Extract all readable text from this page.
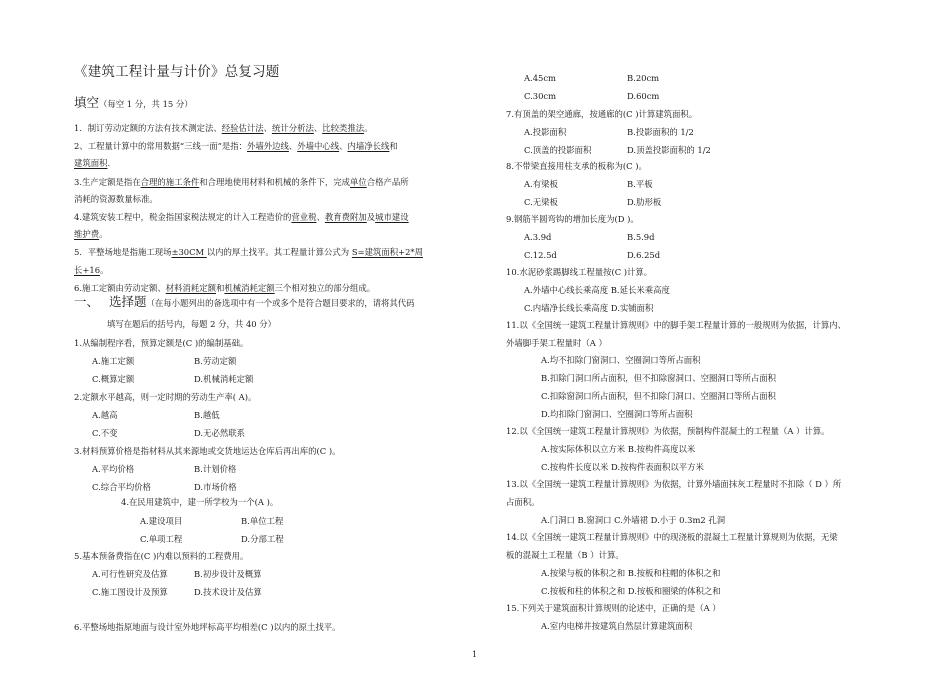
《建筑工程计量与计价》总复习题
填空（每空 1 分，共 15 分）
1．制订劳动定额的方法有技术测定法、经验估计法、统计分析法、比较类推法。
2、工程量计算中的常用数据“三线一面”是指：外墙外边线、外墙中心线、内墙净长线和
建筑面积.
3.生产定额是指在合理的施工条件和合理地使用材料和机械的条件下，完成单位合格产品所
消耗的资源数量标准。
4.建筑安装工程中，税金指国家税法规定的计入工程造价的营业税、教育费附加及城市建设
维护费。
5．平整场地是指施工现场±30CM 以内的厚土找平。其工程量计算公式为 S=建筑面积+2*周
长+16。
6.施工定额由劳动定额、材料消耗定额和机械消耗定额三个相对独立的部分组成。
一、 选择题（在每小题列出的备选项中有一个或多个是符合题目要求的，请将其代码
填写在题后的括号内，每题 2 分，共 40 分）
1.从编制程序看，预算定额是(C )的编制基础。
A.施工定额	B.劳动定额
C.概算定额	D.机械消耗定额
2.定额水平越高，则一定时期的劳动生产率( A)。
A.越高	B.越低
C.不变	D.无必然联系
3.材料预算价格是指材料从其来源地或交货地运达仓库后再出库的(C )。
A.平均价格	B.计划价格
C.综合平均价格	D.市场价格
4.在民用建筑中，建一所学校为一个(A )。
A.建设项目	B.单位工程
C.单项工程	D.分部工程
5.基本预备费指在(C )内难以预料的工程费用。
A.可行性研究及估算	B.初步设计及概算
C.施工图设计及预算	D.技术设计及估算
6.平整场地指原地面与设计室外地坪标高平均相差(C )以内的原土找平。
A.45cm	B.20cm
C.30cm	D.60cm
7.有顶盖的架空通廊，按通廊的(C )计算建筑面积。
A.投影面积	B.投影面积的 1/2
C.顶盖的投影面积	D.顶盖投影面积的 1/2
8.不带梁直接用柱支承的板称为(C )。
A.有梁板	B.平板
C.无梁板	D.肋形板
9.钢筋半圆弯钩的增加长度为(D )。
A.3.9d	B.5.9d
C.12.5d	D.6.25d
10.水泥砂浆踢脚线工程量按(C )计算。
A.外墙中心线长乘高度 B.延长米乘高度
C.内墙净长线长乘高度 D.实铺面积
11.以《全国统一建筑工程量计算规则》中的脚手架工程量计算的一般规则为依据，计算内、
外墙脚手架工程量时（A ）
A.均不扣除门窗洞口、空圈洞口等所占面积
B.扣除门洞口所占面积，但不扣除窗洞口、空圈洞口等所占面积
C.扣除窗洞口所占面积，但不扣除门洞口、空圈洞口等所占面积
D.均扣除门窗洞口、空圈洞口等所占面积
12.以《全国统一建筑工程量计算规则》为依据，预制构件混凝土的工程量（A ）计算。
A.按实际体积以立方米 B.按构件高度以米
C.按构件长度以米 D.按构件表面积以平方米
13.以《全国统一建筑工程量计算规则》为依据，计算外墙面抹灰工程量时不扣除（ D ）所
占面积。
A.门洞口 B.窗洞口 C.外墙裙 D.小于 0.3m2 孔洞
14.以《全国统一建筑工程量计算规则》中的现浇板的混凝土工程量计算规则为依据，无梁
板的混凝土工程量（B ）计算。
A.按梁与板的体积之和 B.按板和柱帽的体积之和
C.按板和柱的体积之和 D.按板和圈梁的体积之和
15.下列关于建筑面积计算规则的论述中，正确的是（A ）
A.室内电梯井按建筑自然层计算建筑面积
1
